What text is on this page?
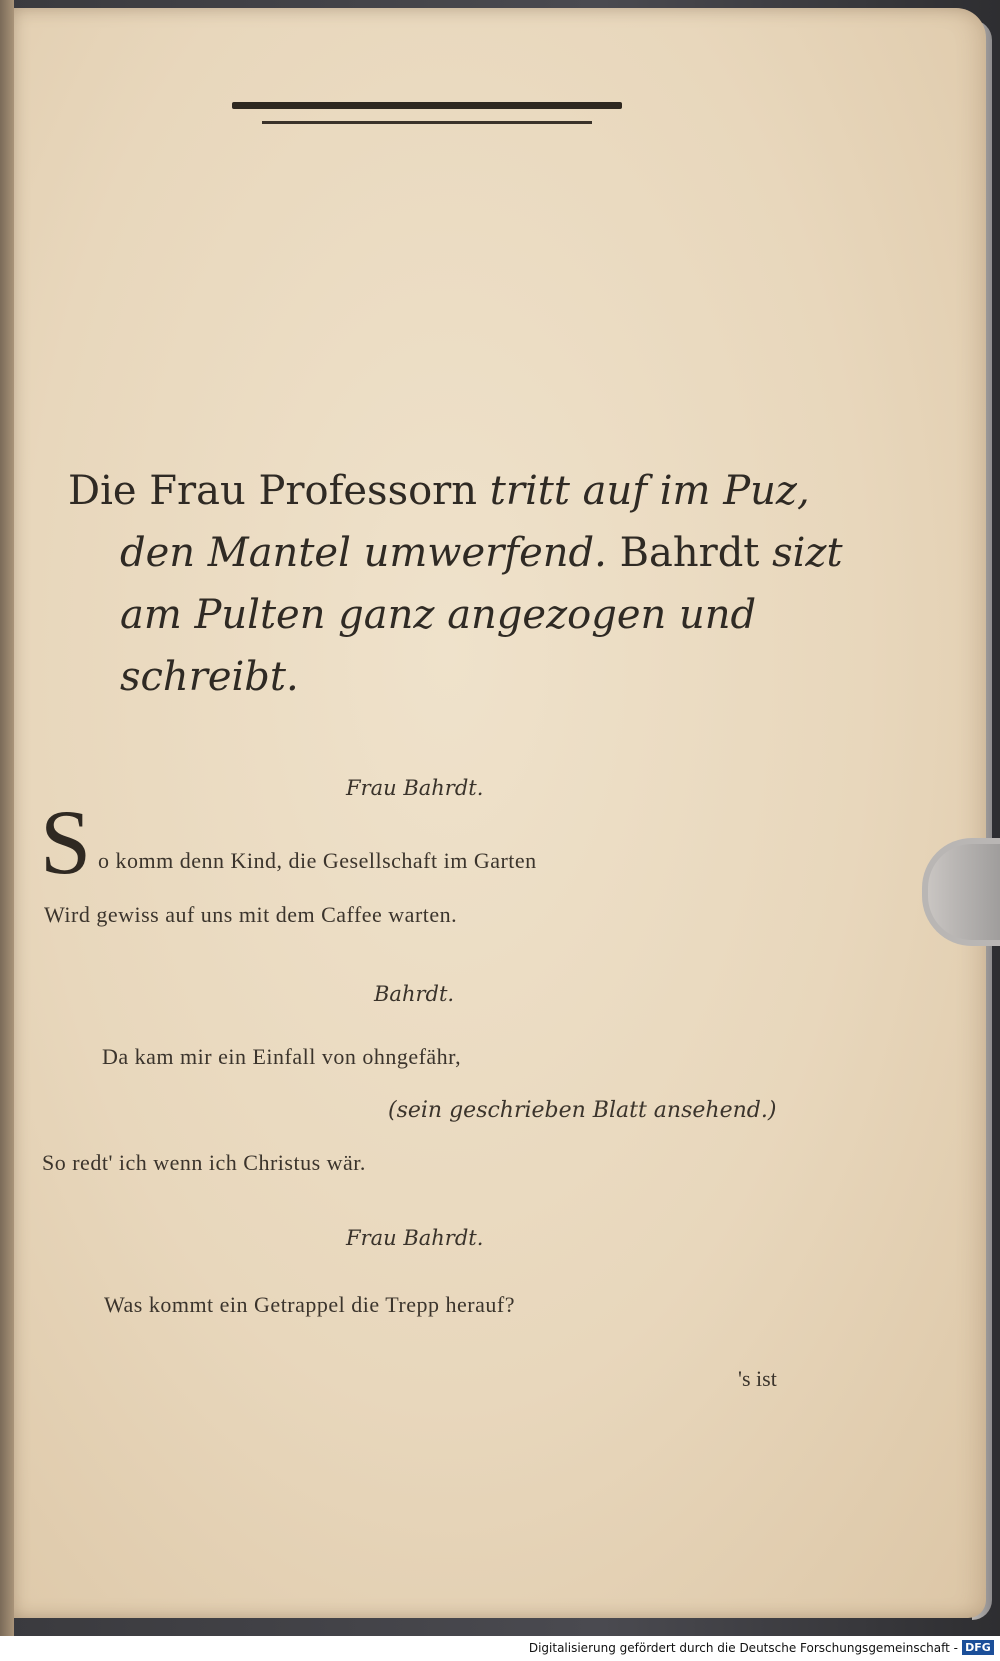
Die Frau Professorn tritt auf im Puz,
den Mantel umwerfend. Bahrdt sizt
am Pulten ganz angezogen und
schreibt.
Frau Bahrdt.
S o komm denn Kind, die Gesellschaft im Garten
Wird gewiss auf uns mit dem Caffee warten.
Bahrdt.
Da kam mir ein Einfall von ohngefähr,
(sein geschrieben Blatt ansehend.)
So redt' ich wenn ich Christus wär.
Frau Bahrdt.
Was kommt ein Getrappel die Trepp herauf?
's ist
Digitalisierung gefördert durch die Deutsche Forschungsgemeinschaft - DFG
